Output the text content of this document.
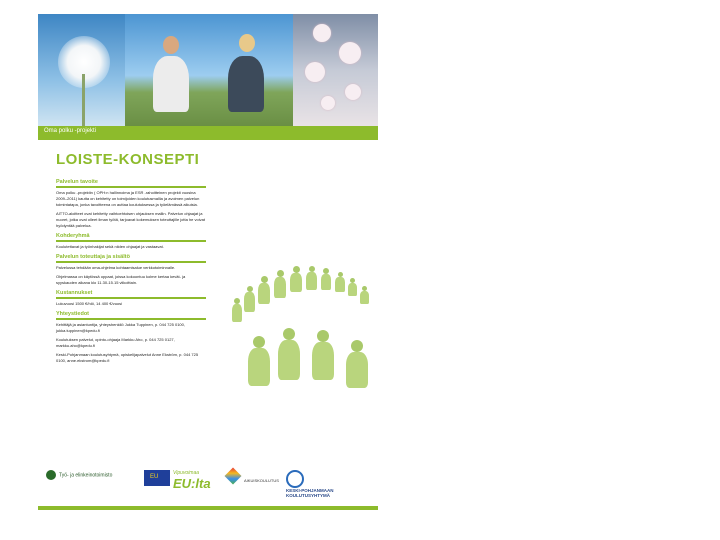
Oma polku -projekti
LOISTE-KONSEPTI
Palvelun tavoite

Oma polku -projektin ( OPH:n hallinnoima ja ESR -rahoitteinen projekti vuosina 2009–2011) kautta on kehitetty on toimijoiden koulutusmallia ja avoimen palvelun toimintatapa, jonka tavoitteena on auttaa koulutuksessa ja työelämässä aikuisia.

AITTO-aloitteet ovat kehitetty vaihtoehtoisen ohjauksen mallin. Palvelun ohjaajat ja nuoret, jotka ovat olleet ilman työtä, tarjoavat kokemuksen toteuttajille jotta he voivat hyödyntää palvelua.

Kohderyhmä

Koulutettavat ja työnhakijat sekä niiden ohjaajat ja vastaavat.

Palvelun toteuttaja ja sisältö

Palvelussa tehdään oma-ohjelma kohtaamisalue verkkotoiminnalle.

Ohjelmassa on käytössä oppaat, joissa kokoontuu kolme kertaa kevät- ja syyskauden aikana klo 11.30-15.15 viikoittain.

Kustannukset

Lukuvuosi 1500 €/hlö, 14 400 €/vuosi

Yhteystiedot

Kehittäjä ja asiantuntija, yhteyshenkilö Jukka Tuppinen, p. 044 725 0100, jukka.tuppinen@kpedu.fi

Koulutuksen palvelut, opinto-ohjaaja Markku Aho, p. 044 725 0127, markku.aho@kpedu.fi

Keski-Pohjanmaan koulutusyhtymä, opiskelijapalvelut Anne Ekström, p. 044 725 0100, anne.ekstrom@kpedu.fi

Työ- ja elinkeinotoimisto	EU
Vipuvoimaa
EU:lta	AIKUISKOULUTUS
KESKI-POHJANMAAN KOULUTUSYHTYMÄ
